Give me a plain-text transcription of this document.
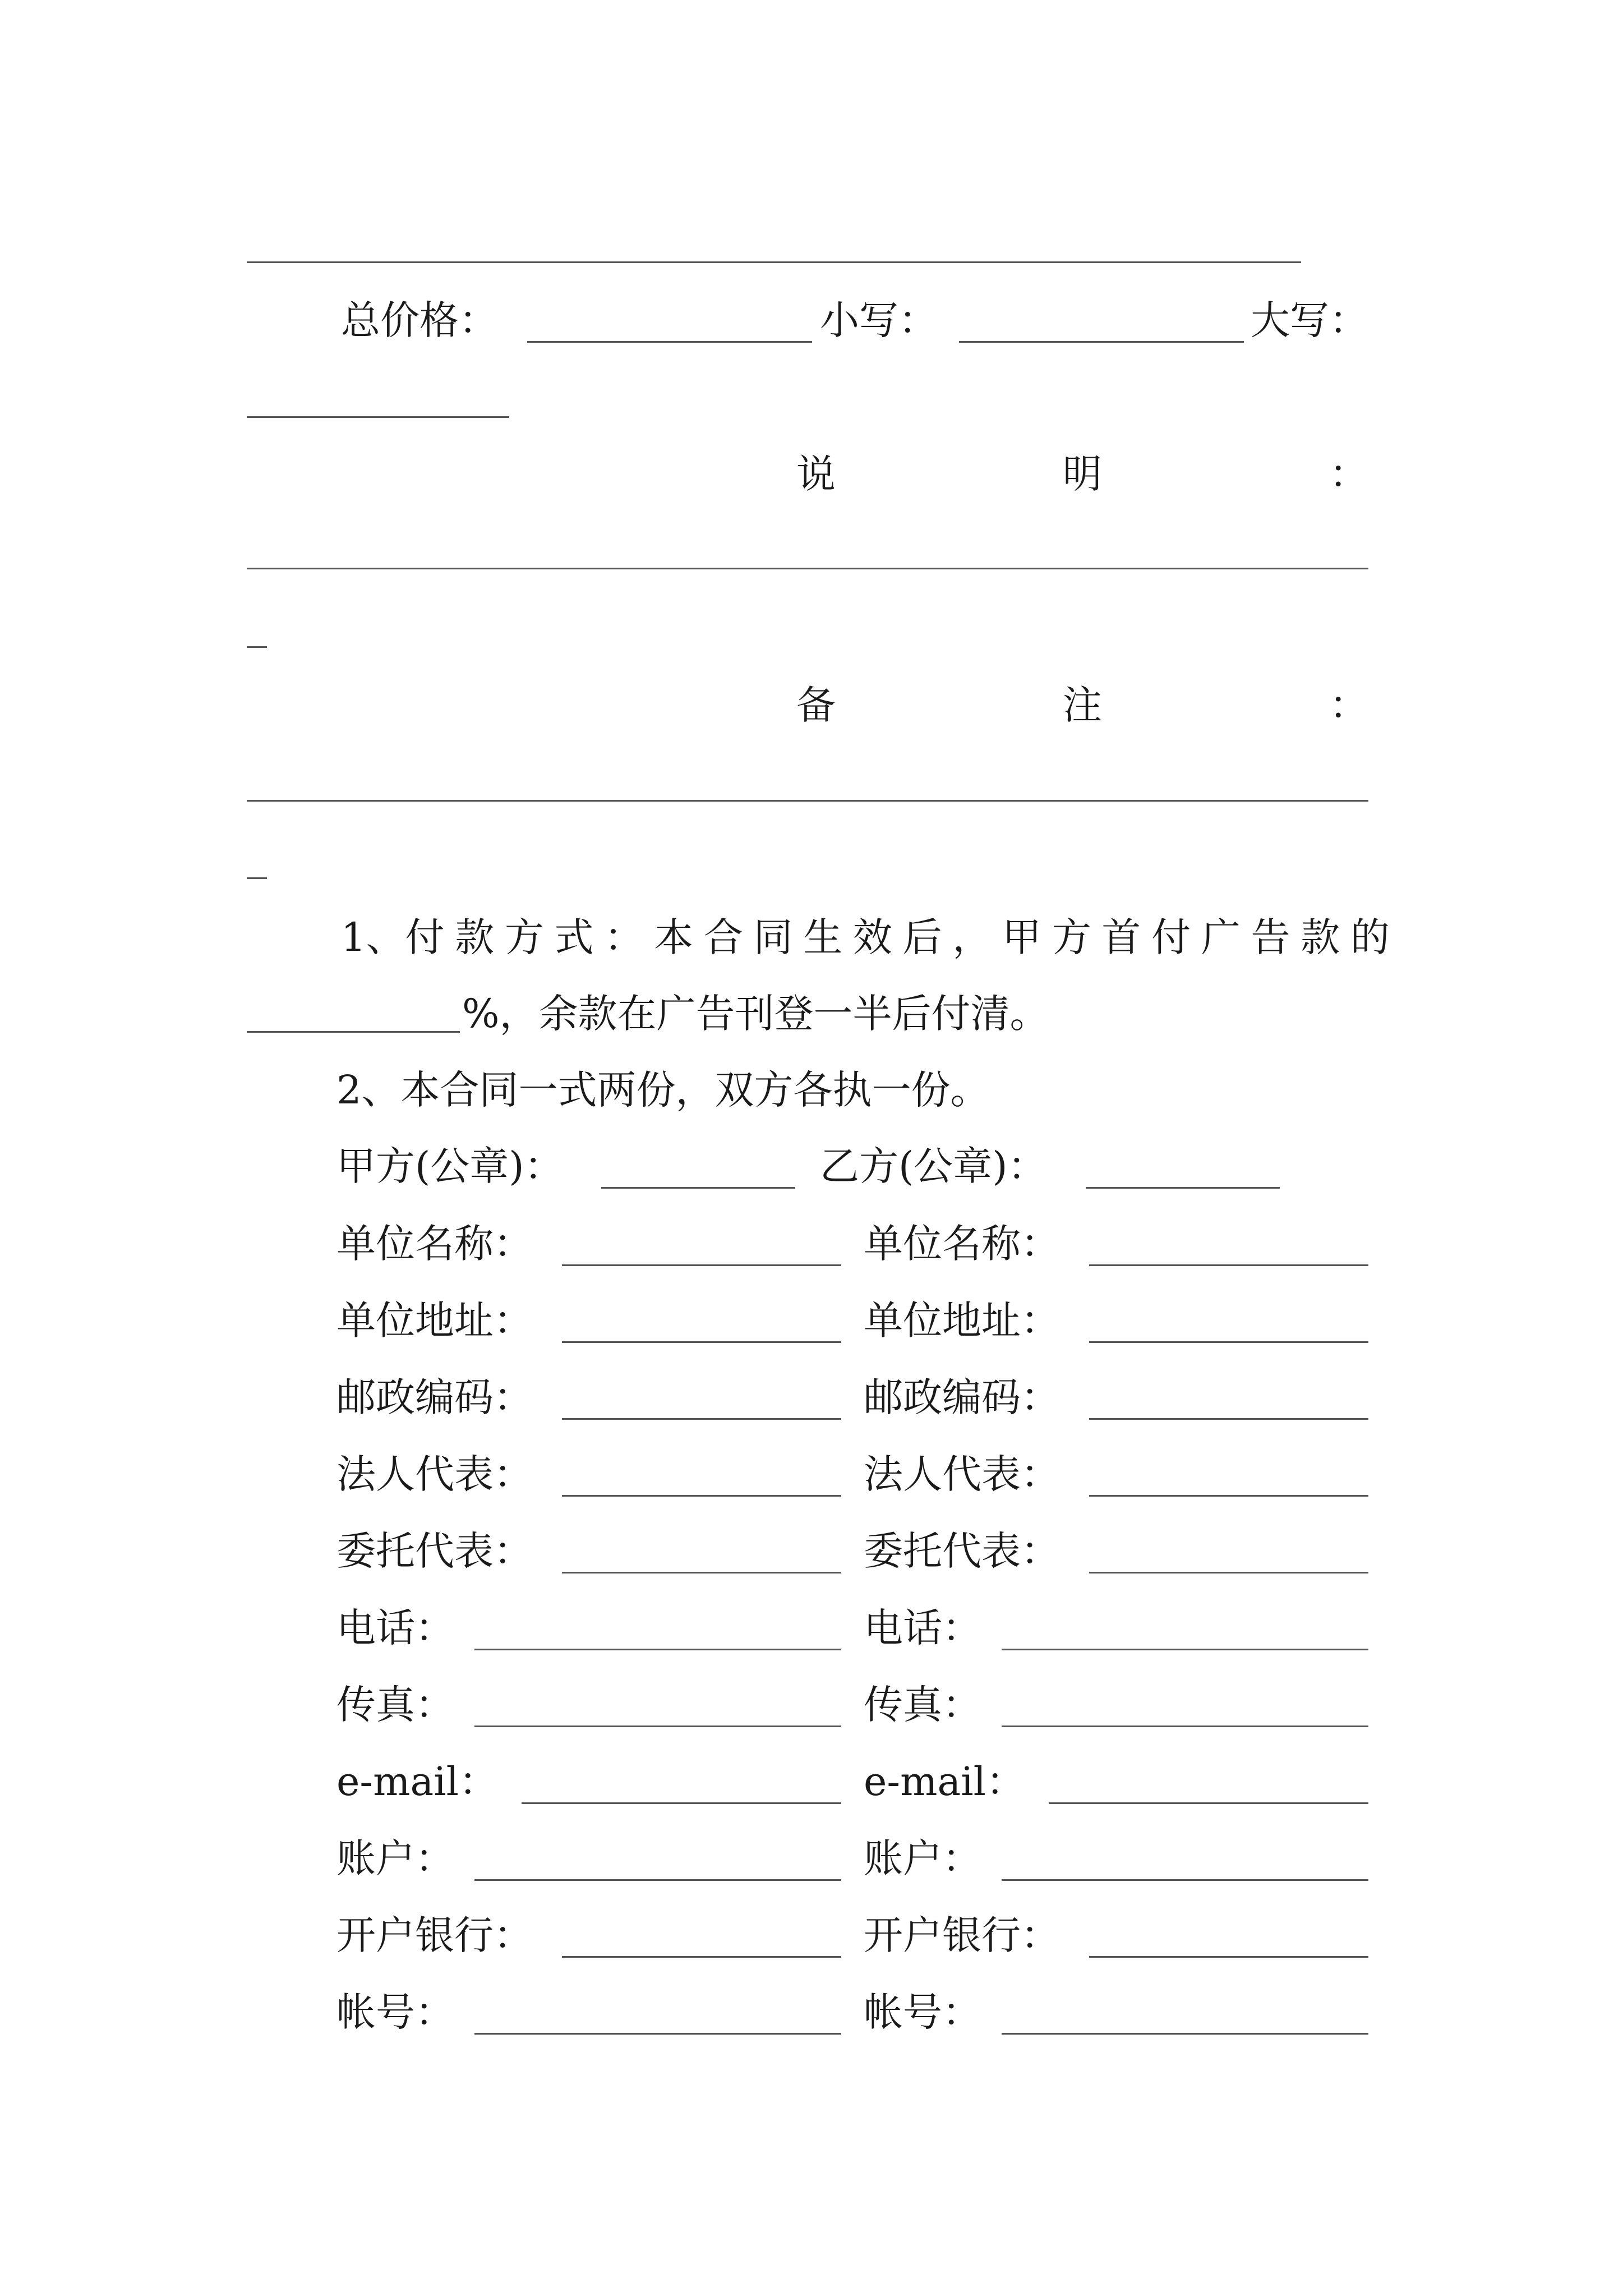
总价格：	小写：	大写：
说	明	：
备	注	：
1、付 款 方 式 ： 本 合 同 生 效 后 ， 甲 方 首 付 广 告 款 的
%，余款在广告刊登一半后付清。
2、本合同一式两份，双方各执一份。
甲方(公章)：	乙方(公章)：
单位名称：	单位名称：
单位地址：	单位地址：
邮政编码：	邮政编码：
法人代表：	法人代表：
委托代表：	委托代表：
电话：	电话：
传真：	传真：
e-mail：	e-mail：
账户：	账户：
开户银行：	开户银行：
帐号：	帐号：
